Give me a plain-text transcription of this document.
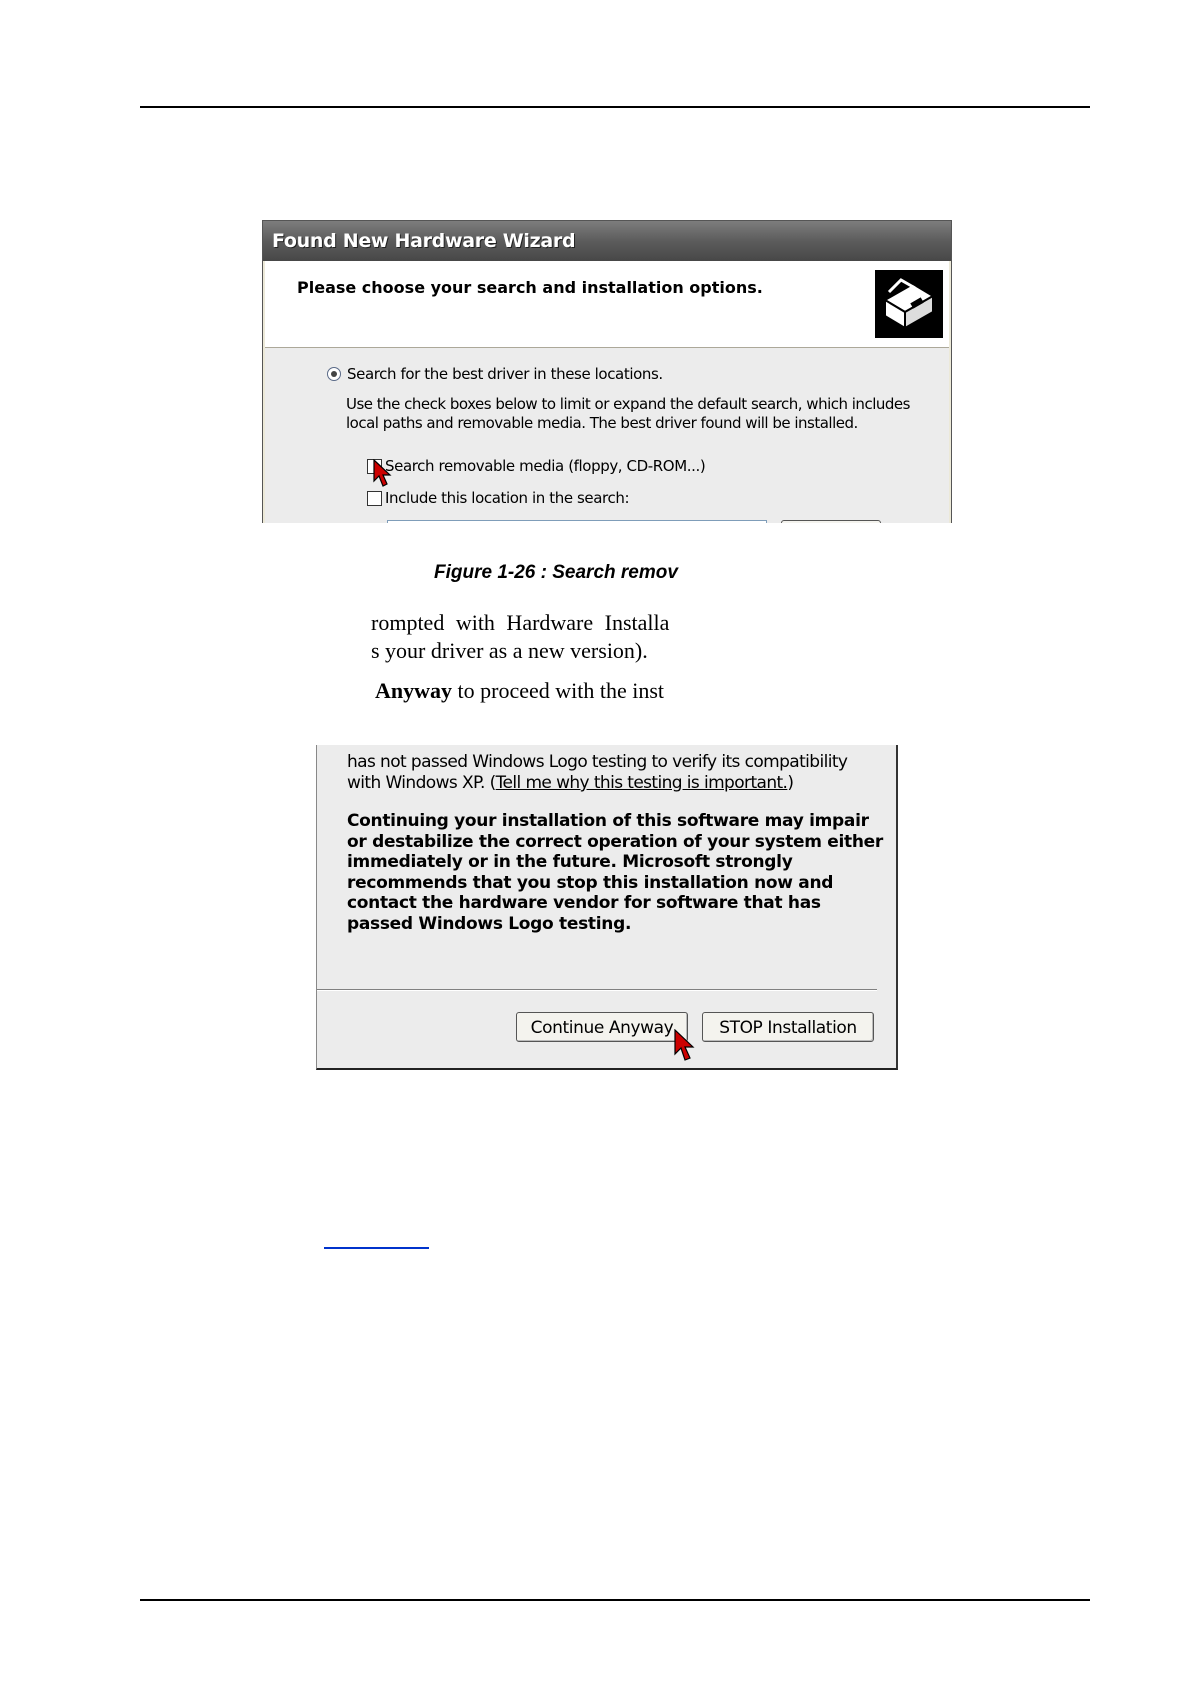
Found New Hardware Wizard
Please choose your search and installation options.
Search for the best driver in these locations.
Use the check boxes below to limit or expand the default search, which includes local paths and removable media. The best driver found will be installed.
Search removable media (floppy, CD-ROM...)
Include this location in the search:
Figure 1-26 : Search remov
rompted with Hardware Installa
s your driver as a new version).
Anyway to proceed with the inst
has not passed Windows Logo testing to verify its compatibility with Windows XP. (Tell me why this testing is important.)
Continuing your installation of this software may impair or destabilize the correct operation of your system either immediately or in the future. Microsoft strongly recommends that you stop this installation now and contact the hardware vendor for software that has passed Windows Logo testing.
Continue Anyway	STOP Installation
